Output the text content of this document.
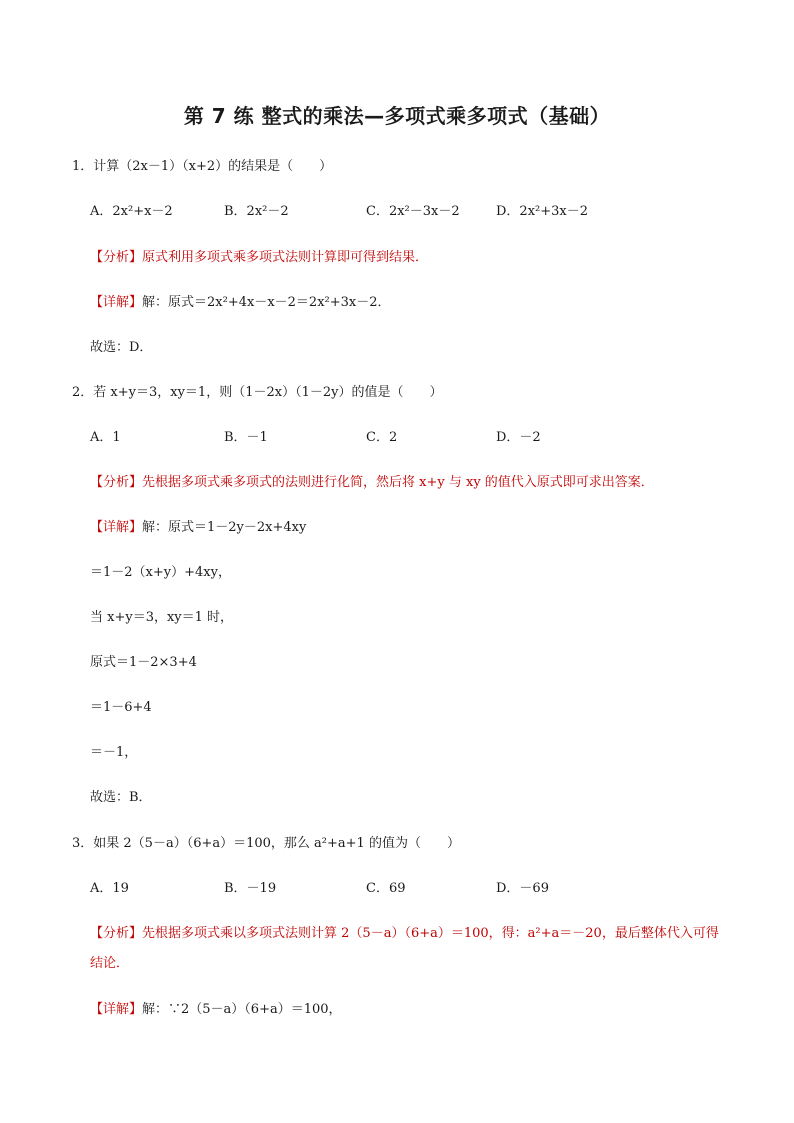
第 7 练 整式的乘法—多项式乘多项式（基础）
1．计算（2x－1）（x+2）的结果是（　　）
A．2x²+x－2	B．2x²－2	C．2x²－3x－2	D．2x²+3x－2
【分析】原式利用多项式乘多项式法则计算即可得到结果．
【详解】解：原式＝2x²+4x－x－2＝2x²+3x－2．
故选：D．
2．若 x+y＝3，xy＝1，则（1－2x）（1－2y）的值是（　　）
A．1	B．－1	C．2	D．－2
【分析】先根据多项式乘多项式的法则进行化简，然后将 x+y 与 xy 的值代入原式即可求出答案．
【详解】解：原式＝1－2y－2x+4xy
＝1－2（x+y）+4xy，
当 x+y＝3，xy＝1 时，
原式＝1－2×3+4
＝1－6+4
＝－1，
故选：B．
3．如果 2（5－a）（6+a）＝100，那么 a²+a+1 的值为（　　）
A．19	B．－19	C．69	D．－69
【分析】先根据多项式乘以多项式法则计算 2（5－a）（6+a）＝100，得：a²+a＝－20，最后整体代入可得结论．
【详解】解：∵2（5－a）（6+a）＝100，
